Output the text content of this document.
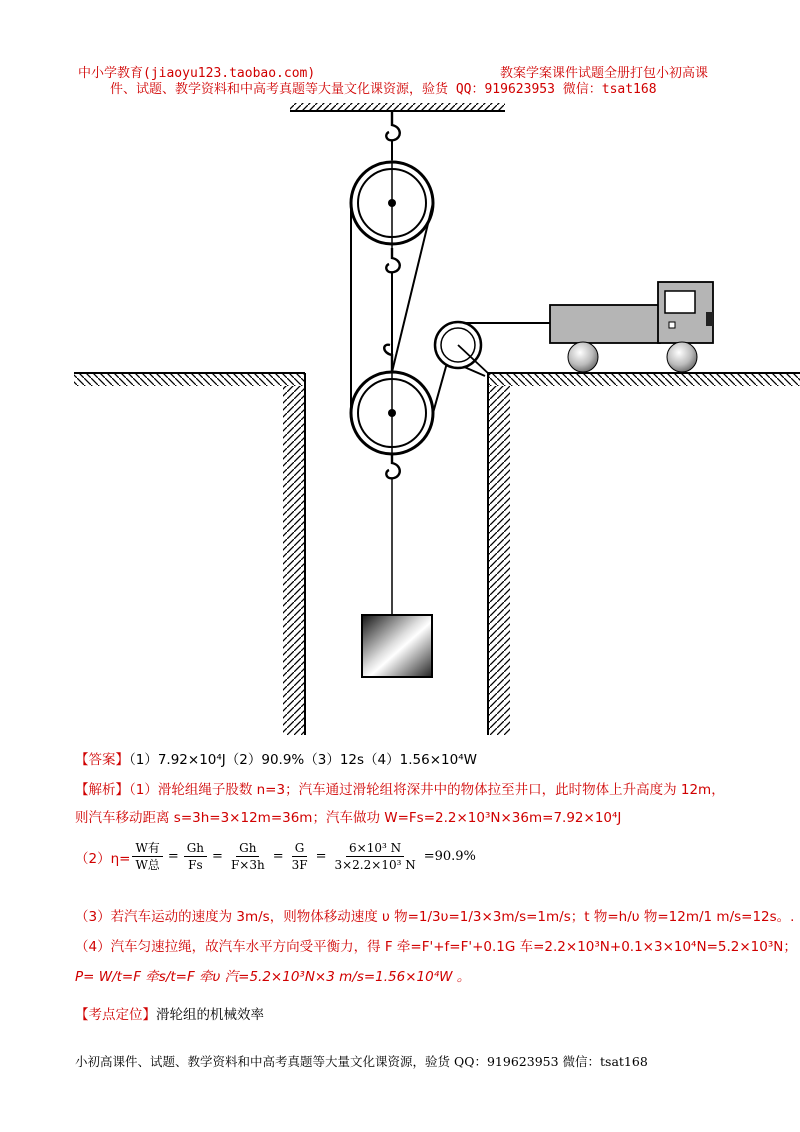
中小学教育(jiaoyu123.taobao.com)	教案学案课件试题全册打包小初高课
件、试题、教学资料和中高考真题等大量文化课资源，验货 QQ：919623953 微信：tsat168
【答案】（1）7.92×10⁴J（2）90.9%（3）12s（4）1.56×10⁴W
【解析】（1）滑轮组绳子股数 n=3；汽车通过滑轮组将深井中的物体拉至井口，此时物体上升高度为 12m，
则汽车移动距离 s=3h=3×12m=36m；汽车做功 W=Fs=2.2×10³N×36m=7.92×10⁴J
$(2)\eta= \frac{\text{W有}}{\text{W总}} = \frac{Gh}{Fs} = \frac{Gh}{F\times 3h} = \frac{G}{3F} = \frac{\text{6×10³ N}}{\text{3×2.2×10³ N}} =90.9\%$
（3）若汽车运动的速度为 3m/s，则物体移动速度 υ 物=1/3υ=1/3×3m/s=1m/s；t 物=h/υ 物=12m/1 m/s=12s。.
（4）汽车匀速拉绳，故汽车水平方向受平衡力，得 F 牵=F'+f=F'+0.1G 车=2.2×10³N+0.1×3×10⁴N=5.2×10³N；
P= W/t=F 牵s/t=F 牵υ 汽=5.2×10³N×3 m/s=1.56×10⁴W 。
【考点定位】滑轮组的机械效率
小初高课件、试题、教学资料和中高考真题等大量文化课资源，验货 QQ：919623953 微信：tsat168
